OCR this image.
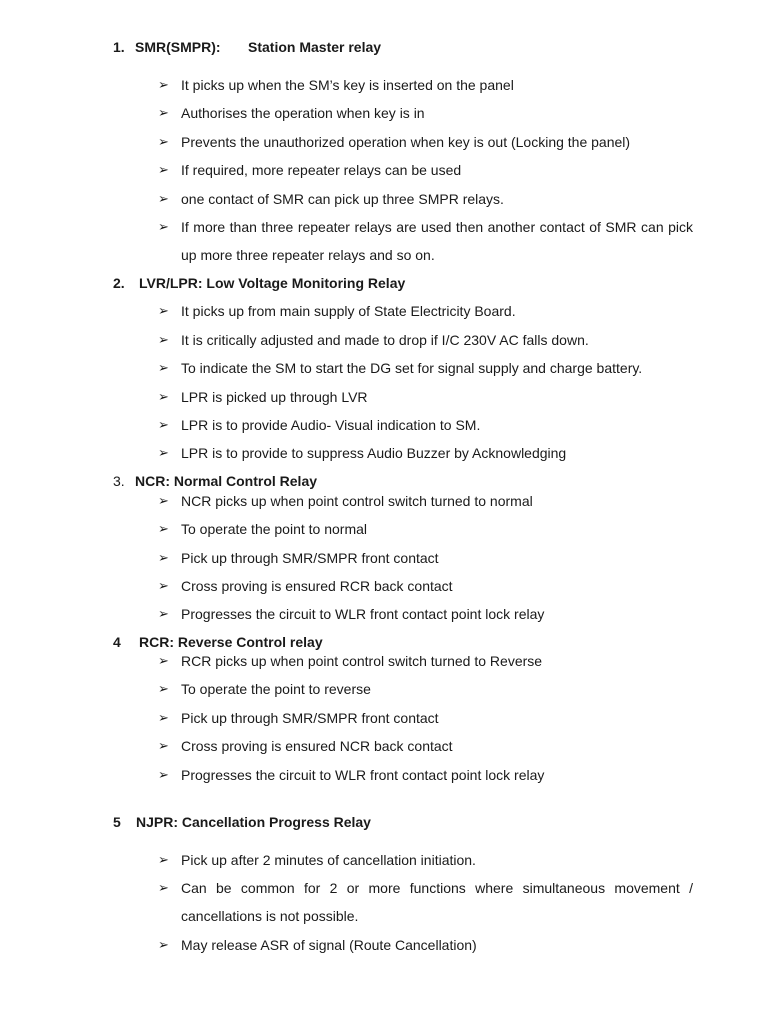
1. SMR(SMPR): Station Master relay
➢ It picks up when the SM’s key is inserted on the panel
➢ Authorises the operation when key is in
➢ Prevents the unauthorized operation when key is out (Locking the panel)
➢ If required, more repeater relays can be used
➢ one contact of SMR can pick up three SMPR relays.
➢ If more than three repeater relays are used then another contact of SMR can pick up more three repeater relays and so on.
2. LVR/LPR: Low Voltage Monitoring Relay
➢ It picks up from main supply of State Electricity Board.
➢ It is critically adjusted and made to drop if I/C 230V AC falls down.
➢ To indicate the SM to start the DG set for signal supply and charge battery.
➢ LPR is picked up through LVR
➢ LPR is to provide Audio- Visual indication to SM.
➢ LPR is to provide to suppress Audio Buzzer by Acknowledging
3. NCR: Normal Control Relay
➢ NCR picks up when point control switch turned to normal
➢ To operate the point to normal
➢ Pick up through SMR/SMPR front contact
➢ Cross proving is ensured RCR back contact
➢ Progresses the circuit to WLR front contact point lock relay
4 RCR: Reverse Control relay
➢ RCR picks up when point control switch turned to Reverse
➢ To operate the point to reverse
➢ Pick up through SMR/SMPR front contact
➢ Cross proving is ensured NCR back contact
➢ Progresses the circuit to WLR front contact point lock relay
5 NJPR: Cancellation Progress Relay
➢ Pick up after 2 minutes of cancellation initiation.
➢ Can be common for 2 or more functions where simultaneous movement / cancellations is not possible.
➢ May release ASR of signal (Route Cancellation)
